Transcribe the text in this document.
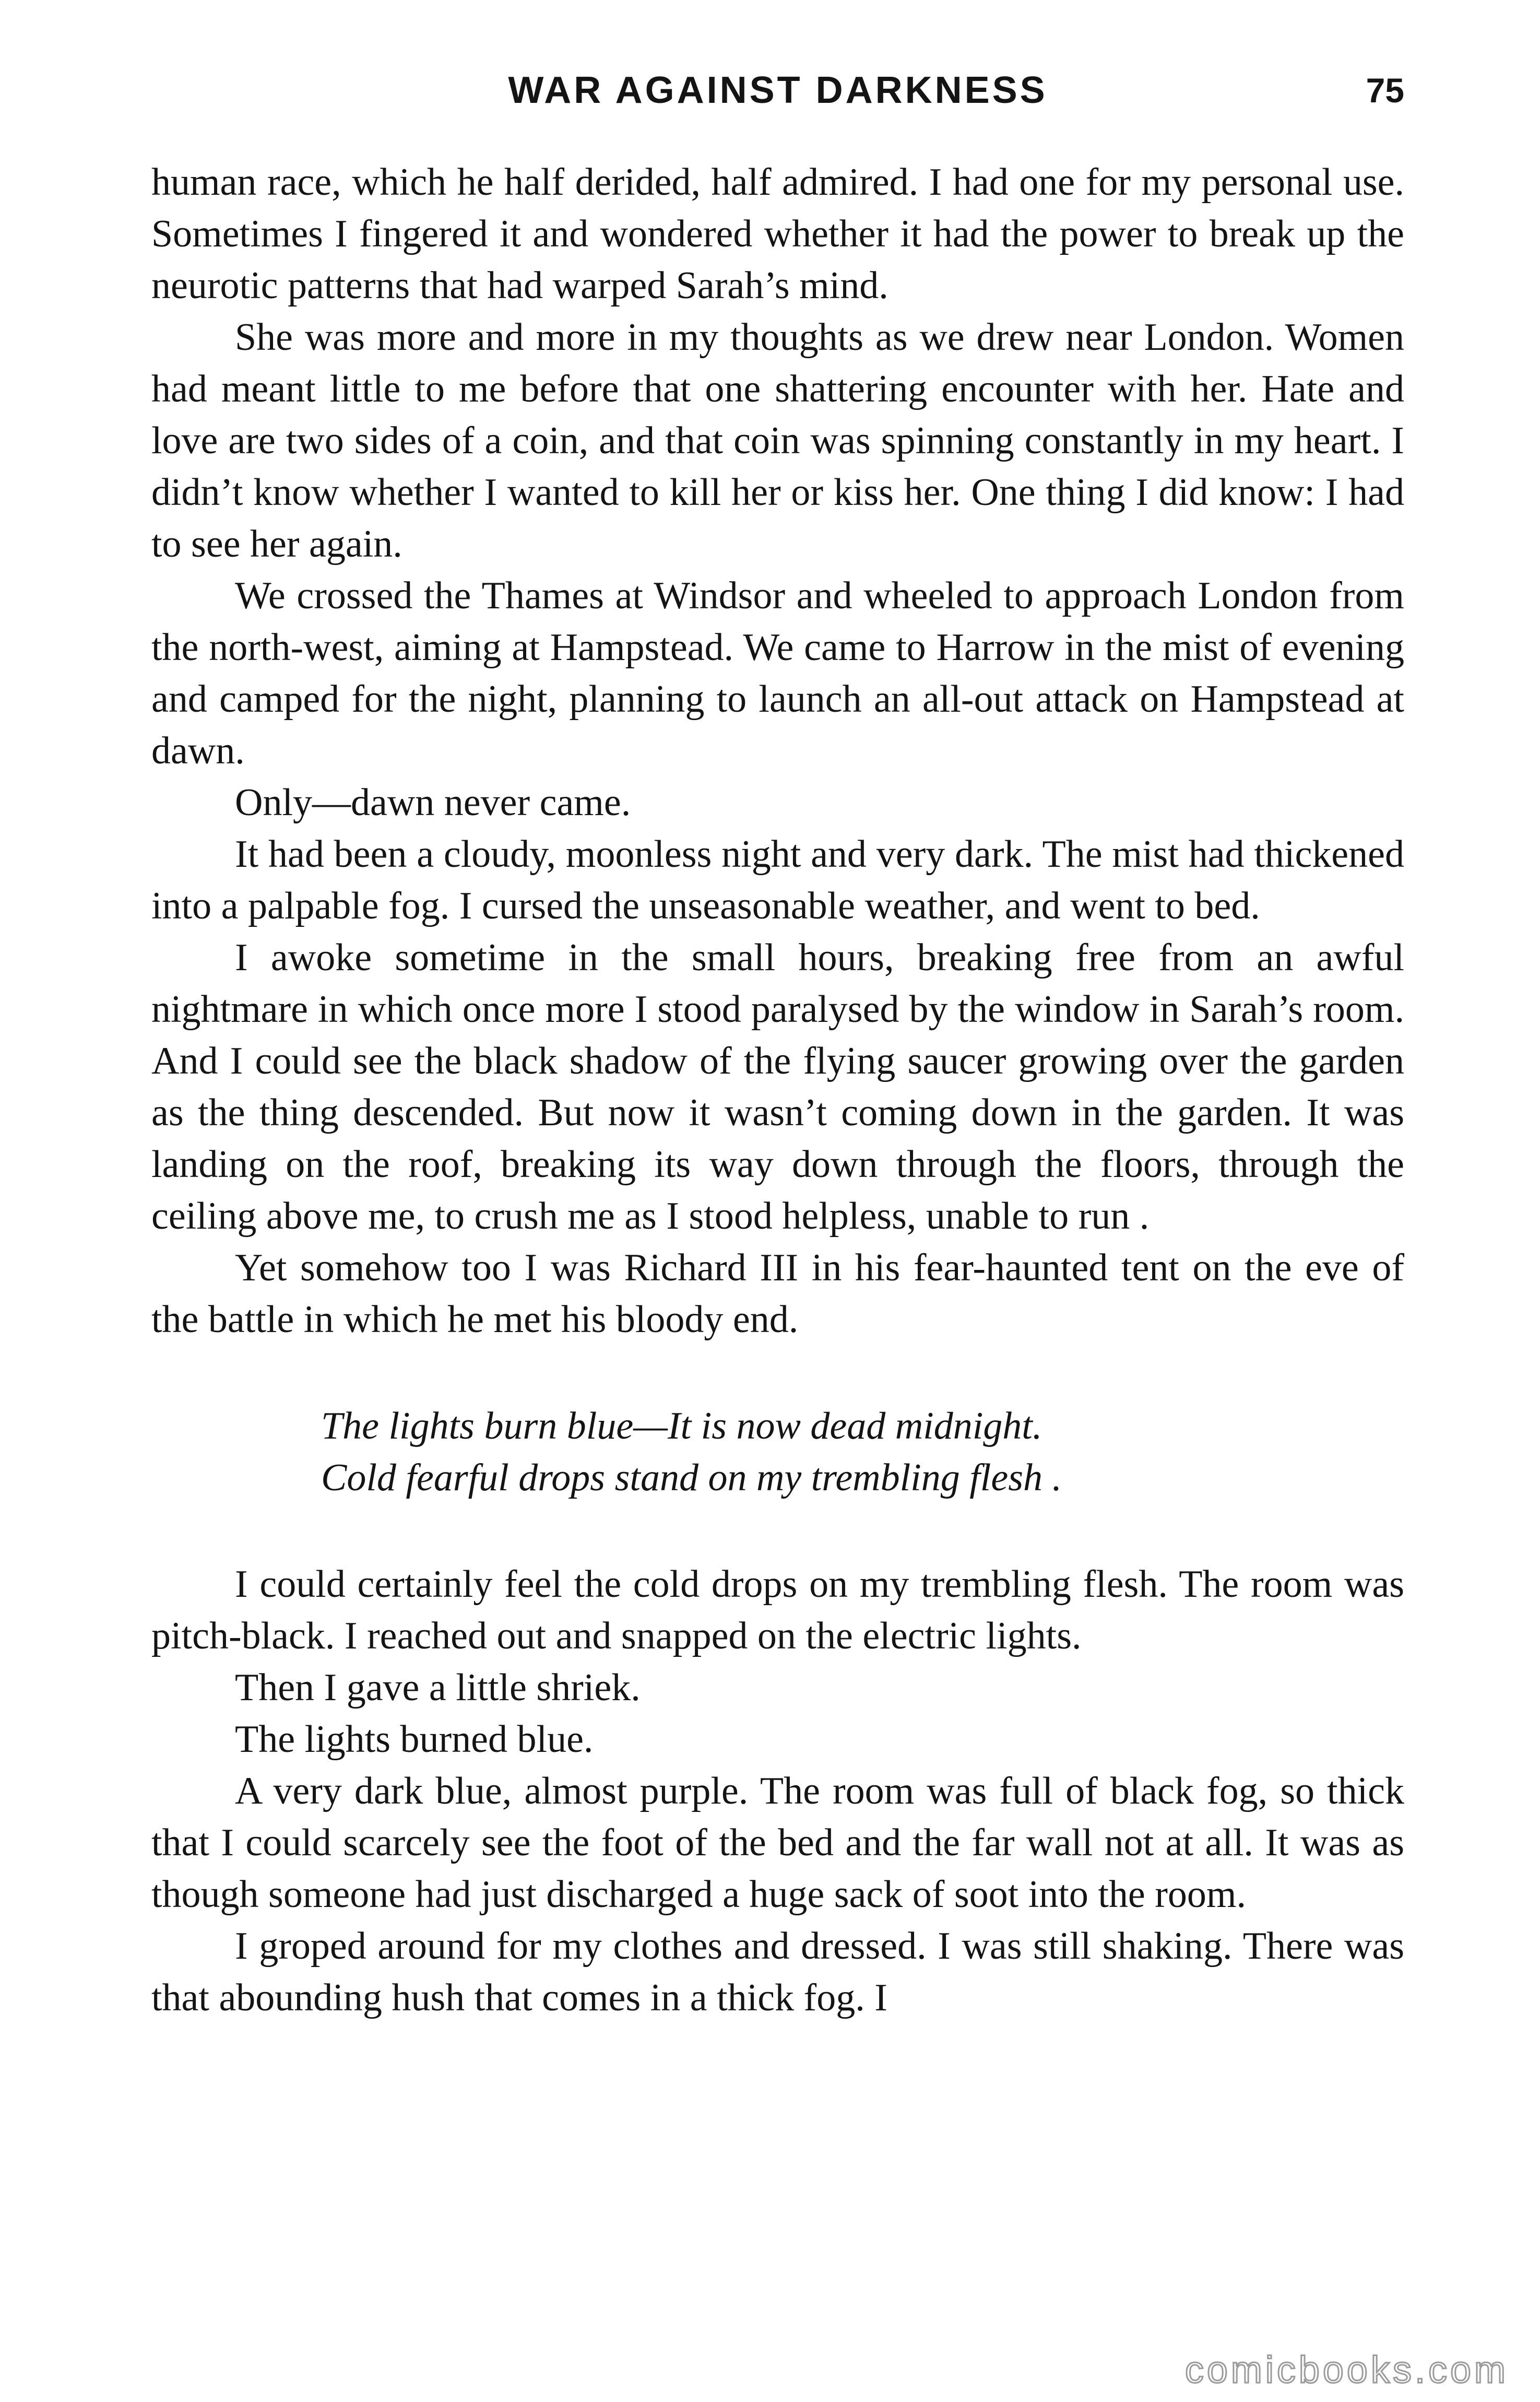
WAR AGAINST DARKNESS	75

human race, which he half derided, half admired. I had one for my personal use. Sometimes I fingered it and wondered whether it had the power to break up the neurotic patterns that had warped Sarah’s mind.

She was more and more in my thoughts as we drew near London. Women had meant little to me before that one shattering encounter with her. Hate and love are two sides of a coin, and that coin was spinning constantly in my heart. I didn’t know whether I wanted to kill her or kiss her. One thing I did know: I had to see her again.

We crossed the Thames at Windsor and wheeled to approach London from the north-west, aiming at Hampstead. We came to Harrow in the mist of evening and camped for the night, planning to launch an all-out attack on Hampstead at dawn.

Only—dawn never came.

It had been a cloudy, moonless night and very dark. The mist had thickened into a palpable fog. I cursed the unseasonable weather, and went to bed.

I awoke sometime in the small hours, breaking free from an awful nightmare in which once more I stood paralysed by the window in Sarah’s room. And I could see the black shadow of the flying saucer growing over the garden as the thing descended. But now it wasn’t coming down in the garden. It was landing on the roof, breaking its way down through the floors, through the ceiling above me, to crush me as I stood helpless, unable to run .

Yet somehow too I was Richard III in his fear-haunted tent on the eve of the battle in which he met his bloody end.

The lights burn blue—It is now dead midnight.
Cold fearful drops stand on my trembling flesh .

I could certainly feel the cold drops on my trembling flesh. The room was pitch-black. I reached out and snapped on the electric lights.

Then I gave a little shriek.

The lights burned blue.

A very dark blue, almost purple. The room was full of black fog, so thick that I could scarcely see the foot of the bed and the far wall not at all. It was as though someone had just discharged a huge sack of soot into the room.

I groped around for my clothes and dressed. I was still shaking. There was that abounding hush that comes in a thick fog. I

comicbooks.com
